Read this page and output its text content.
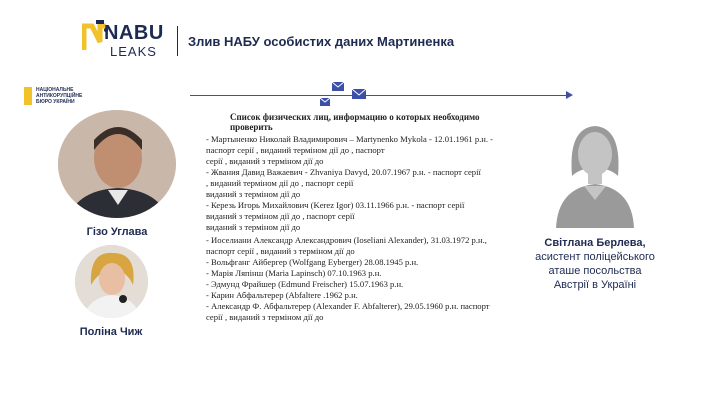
NABU
LEAKS
Злив НАБУ особистих даних Мартиненка
НАЦІОНАЛЬНЕ
АНТИКОРУПЦІЙНЕ
БЮРО УКРАЇНИ
Гізо Углава
Поліна Чиж
Список физических лиц, информацию о которых необходимо проверить
- Мартыненко Николай Владимирович – Martynenko Mykola - 12.01.1961 р.н. -
паспорт серії , виданий терміном дії до , паспорт
серії , виданий з терміном дії до
- Жвания Давид Важаевич - Zhvaniya Davyd, 20.07.1967 р.н. - паспорт серії
, виданий терміном дії до , паспорт серії
виданий з терміном дії до
- Керезь Игорь Михайлович (Kerez Igor) 03.11.1966 р.н. - паспорт серії
виданий з терміном дії до , паспорт серії
виданий з терміном дії до
- Иоселиани Александр Александрович (Ioseliani Alexander), 31.03.1972 р.н.,
паспорт серії , виданий з терміном дії до
- Вольфганг Айбергер (Wolfgang Eyberger) 28.08.1945 р.н.
- Марія Ляпінш (Maria Lapinsch) 07.10.1963 р.н.
- Эдмунд Фрайшер (Edmund Freischer) 15.07.1963 р.н.
- Карин Абфальтерер (Abfaltere .1962 р.н.
- Александр Ф. Абфальтерер (Alexander F. Abfalterer), 29.05.1960 р.н. паспорт
серії , виданий з терміном дії до
Світлана Берлева,
асистент поліцейського
аташе посольства
Австрії в Україні
